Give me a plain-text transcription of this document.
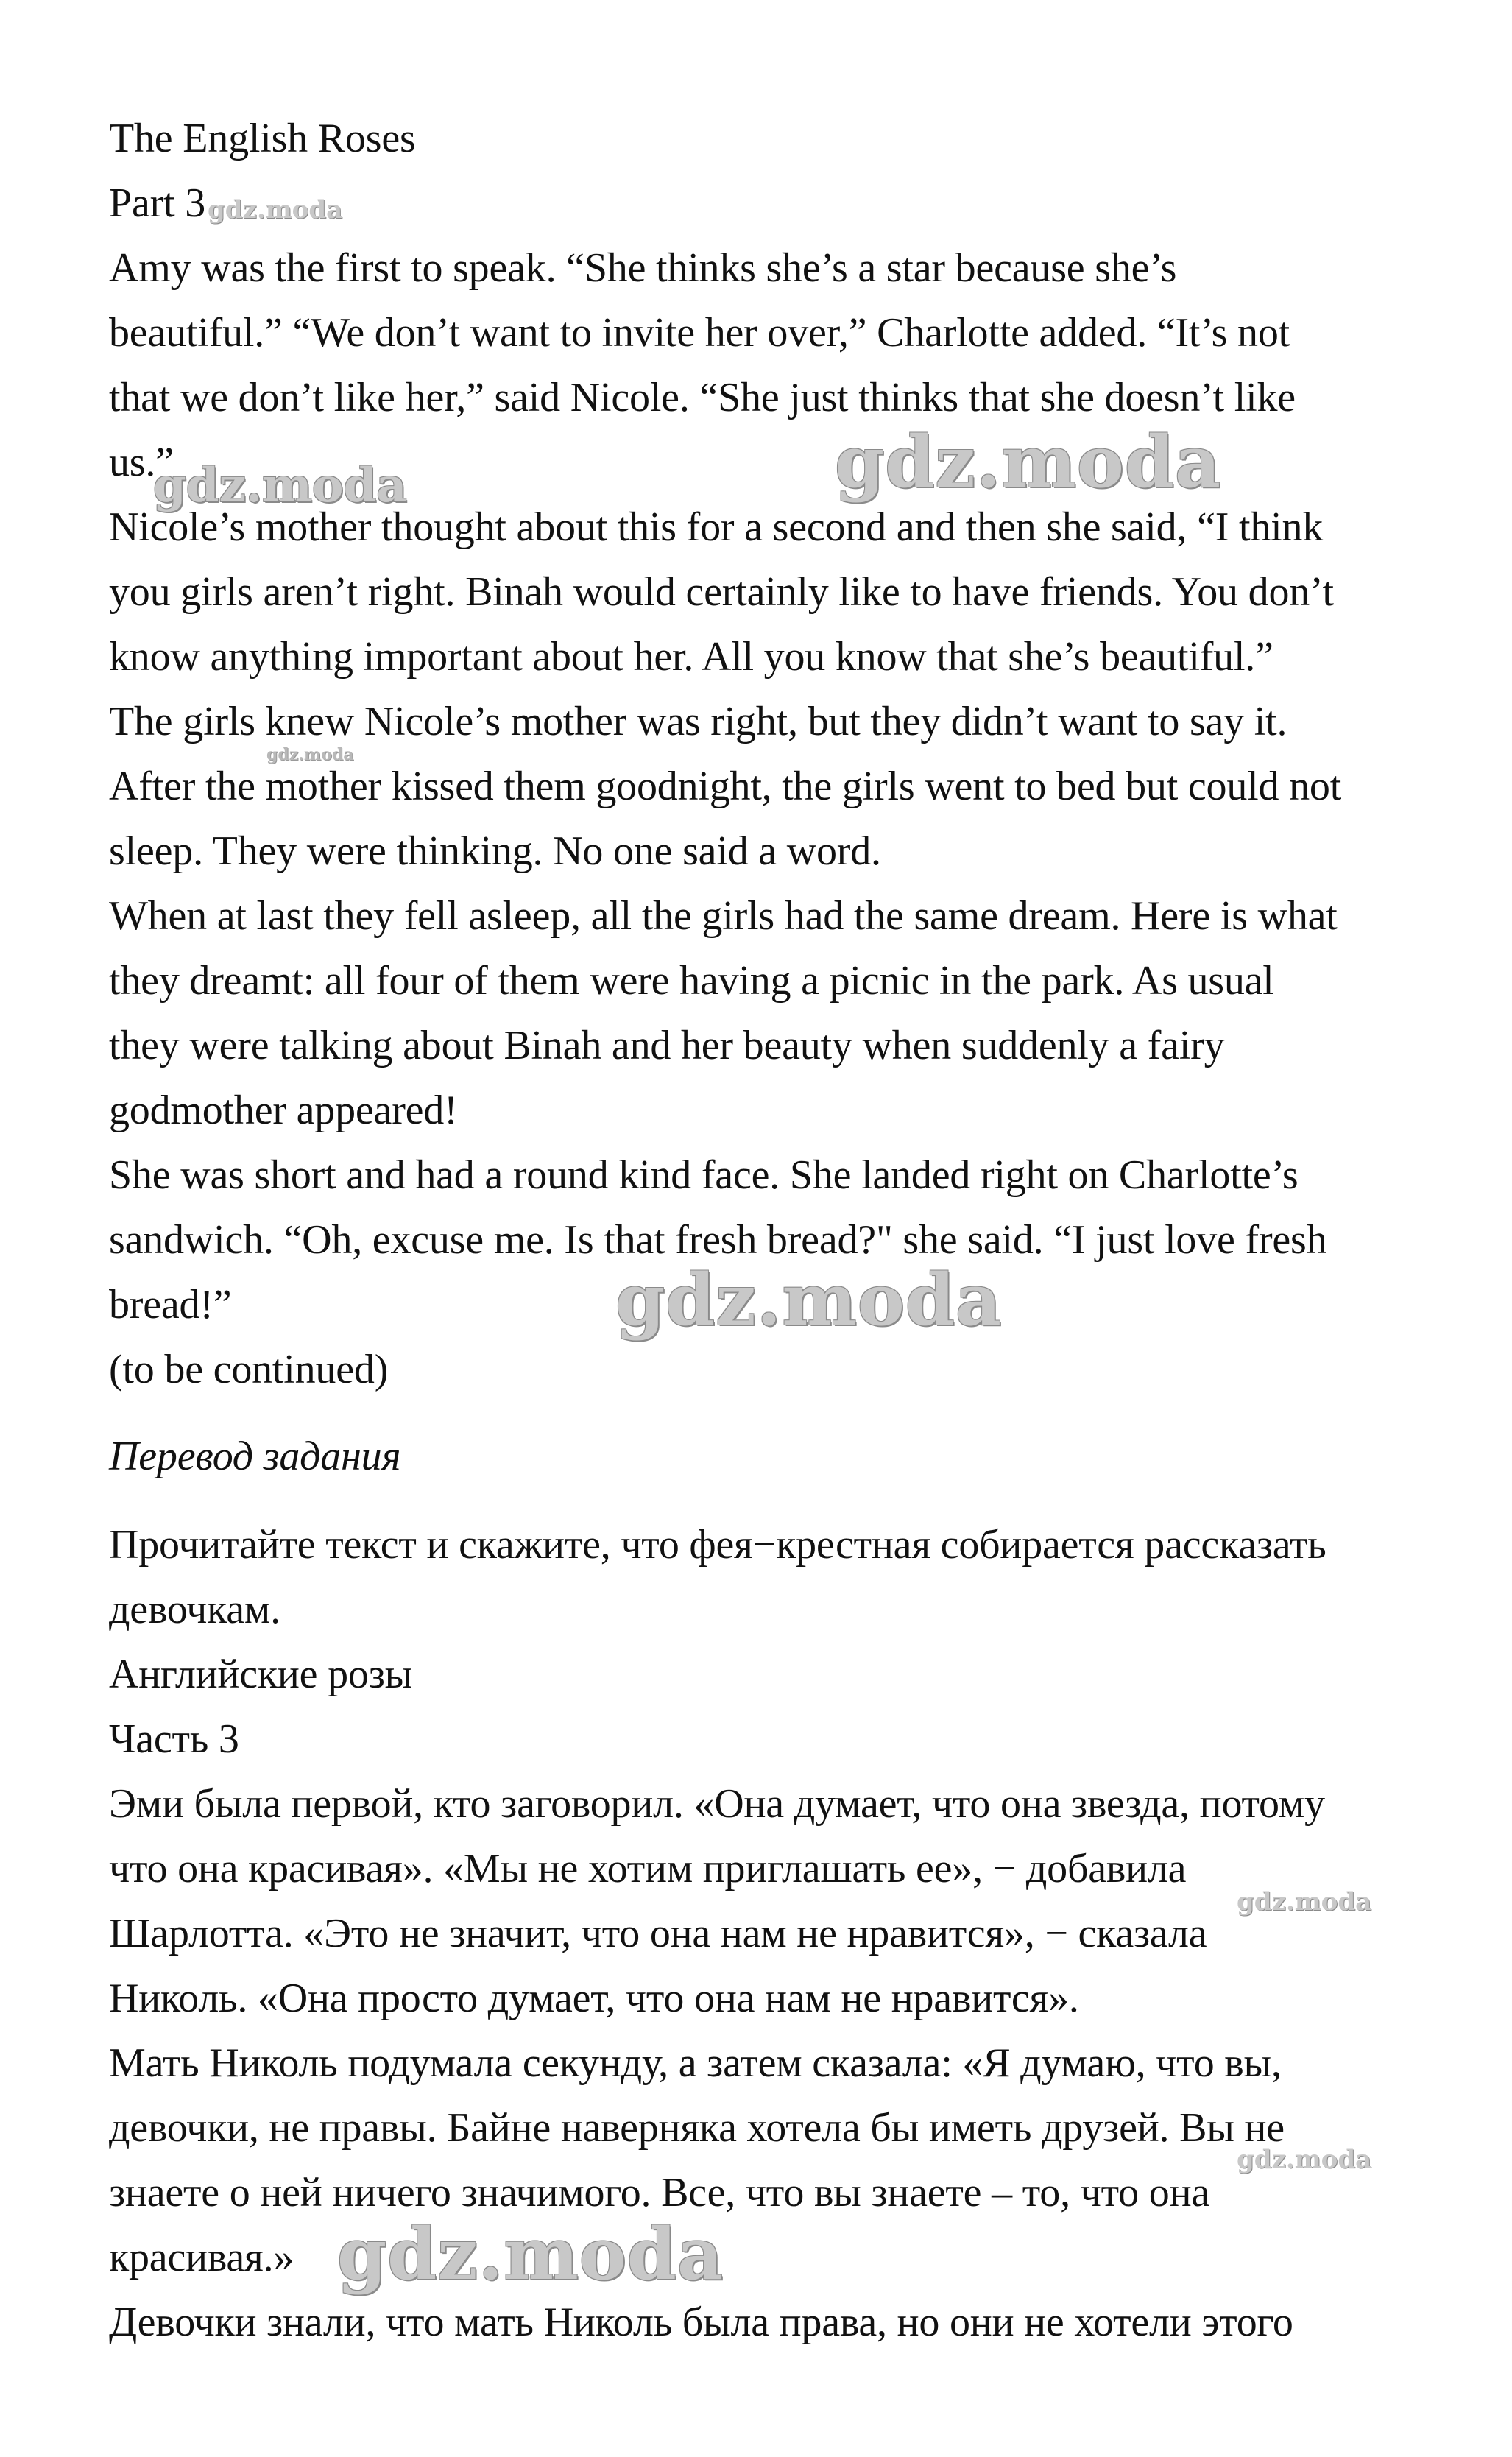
The English Roses
Part 3
Amy was the first to speak. “She thinks she’s a star because she’s
beautiful.” “We don’t want to invite her over,” Charlotte added. “It’s not
that we don’t like her,” said Nicole. “She just thinks that she doesn’t like
us.”
Nicole’s mother thought about this for a second and then she said, “I think
you girls aren’t right. Binah would certainly like to have friends. You don’t
know anything important about her. All you know that she’s beautiful.”
The girls knew Nicole’s mother was right, but they didn’t want to say it.
After the mother kissed them goodnight, the girls went to bed but could not
sleep. They were thinking. No one said a word.
When at last they fell asleep, all the girls had the same dream. Here is what
they dreamt: all four of them were having a picnic in the park. As usual
they were talking about Binah and her beauty when suddenly a fairy
godmother appeared!
She was short and had a round kind face. She landed right on Charlotte’s
sandwich. “Oh, excuse me. Is that fresh bread?" she said. “I just love fresh
bread!”
(to be continued)
Перевод задания
Прочитайте текст и скажите, что фея−крестная собирается рассказать
девочкам.
Английские розы
Часть 3
Эми была первой, кто заговорил. «Она думает, что она звезда, потому
что она красивая». «Мы не хотим приглашать ее», − добавила
Шарлотта. «Это не значит, что она нам не нравится», − сказала
Николь. «Она просто думает, что она нам не нравится».
Мать Николь подумала секунду, а затем сказала: «Я думаю, что вы,
девочки, не правы. Байне наверняка хотела бы иметь друзей. Вы не
знаете о ней ничего значимого. Все, что вы знаете – то, что она
красивая.»
Девочки знали, что мать Николь была права, но они не хотели этого
gdz.moda
gdz.moda	gdz.moda
gdz.moda
gdz.moda
gdz.moda
gdz.moda
gdz.moda
